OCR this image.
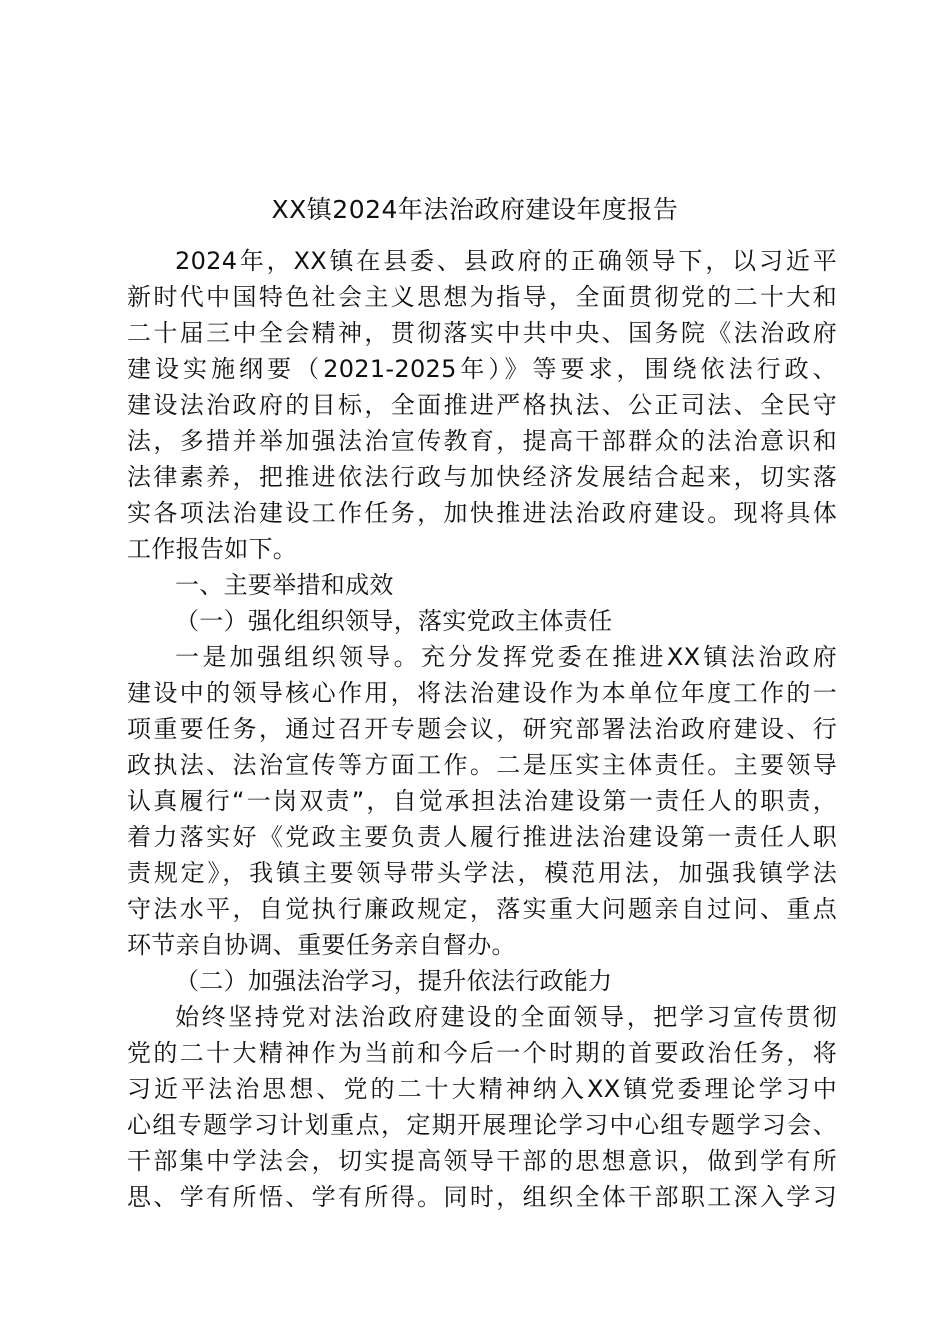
XX镇2024年法治政府建设年度报告
2024年，XX镇在县委、县政府的正确领导下，以习近平
新时代中国特色社会主义思想为指导，全面贯彻党的二十大和
二十届三中全会精神，贯彻落实中共中央、国务院《法治政府
建设实施纲要（2021-2025年）》等要求，围绕依法行政、
建设法治政府的目标，全面推进严格执法、公正司法、全民守
法，多措并举加强法治宣传教育，提高干部群众的法治意识和
法律素养，把推进依法行政与加快经济发展结合起来，切实落
实各项法治建设工作任务，加快推进法治政府建设。现将具体
工作报告如下。
一、主要举措和成效
（一）强化组织领导，落实党政主体责任
一是加强组织领导。充分发挥党委在推进XX镇法治政府
建设中的领导核心作用，将法治建设作为本单位年度工作的一
项重要任务，通过召开专题会议，研究部署法治政府建设、行
政执法、法治宣传等方面工作。二是压实主体责任。主要领导
认真履行“一岗双责”，自觉承担法治建设第一责任人的职责，
着力落实好《党政主要负责人履行推进法治建设第一责任人职
责规定》，我镇主要领导带头学法，模范用法，加强我镇学法
守法水平，自觉执行廉政规定，落实重大问题亲自过问、重点
环节亲自协调、重要任务亲自督办。
（二）加强法治学习，提升依法行政能力
始终坚持党对法治政府建设的全面领导，把学习宣传贯彻
党的二十大精神作为当前和今后一个时期的首要政治任务，将
习近平法治思想、党的二十大精神纳入XX镇党委理论学习中
心组专题学习计划重点，定期开展理论学习中心组专题学习会、
干部集中学法会，切实提高领导干部的思想意识，做到学有所
思、学有所悟、学有所得。同时，组织全体干部职工深入学习
